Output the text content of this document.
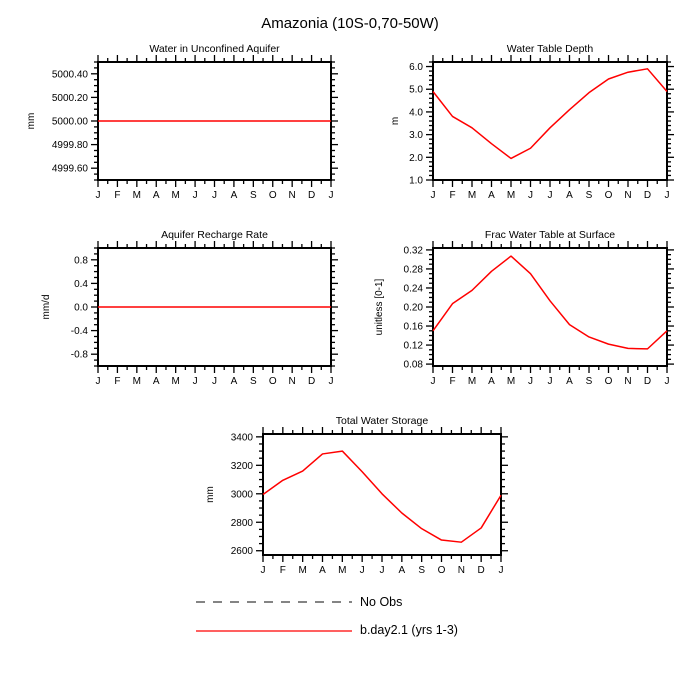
Amazonia (10S-0,70-50W)
Water in Unconfined Aquifer
mm
4999.60
4999.80
5000.00
5000.20
5000.40
J F M A M J J A S O N D J
Water Table Depth
m
1.0
2.0
3.0
4.0
5.0
6.0
J F M A M J J A S O N D J
Aquifer Recharge Rate
mm/d
-0.8
-0.4
0.0
0.4
0.8
J F M A M J J A S O N D J
Frac Water Table at Surface
unitless [0-1]
0.08
0.12
0.16
0.20
0.24
0.28
0.32
J F M A M J J A S O N D J
Total Water Storage
mm
2600
2800
3000
3200
3400
J F M A M J J A S O N D J
No Obs
b.day2.1 (yrs 1-3)
